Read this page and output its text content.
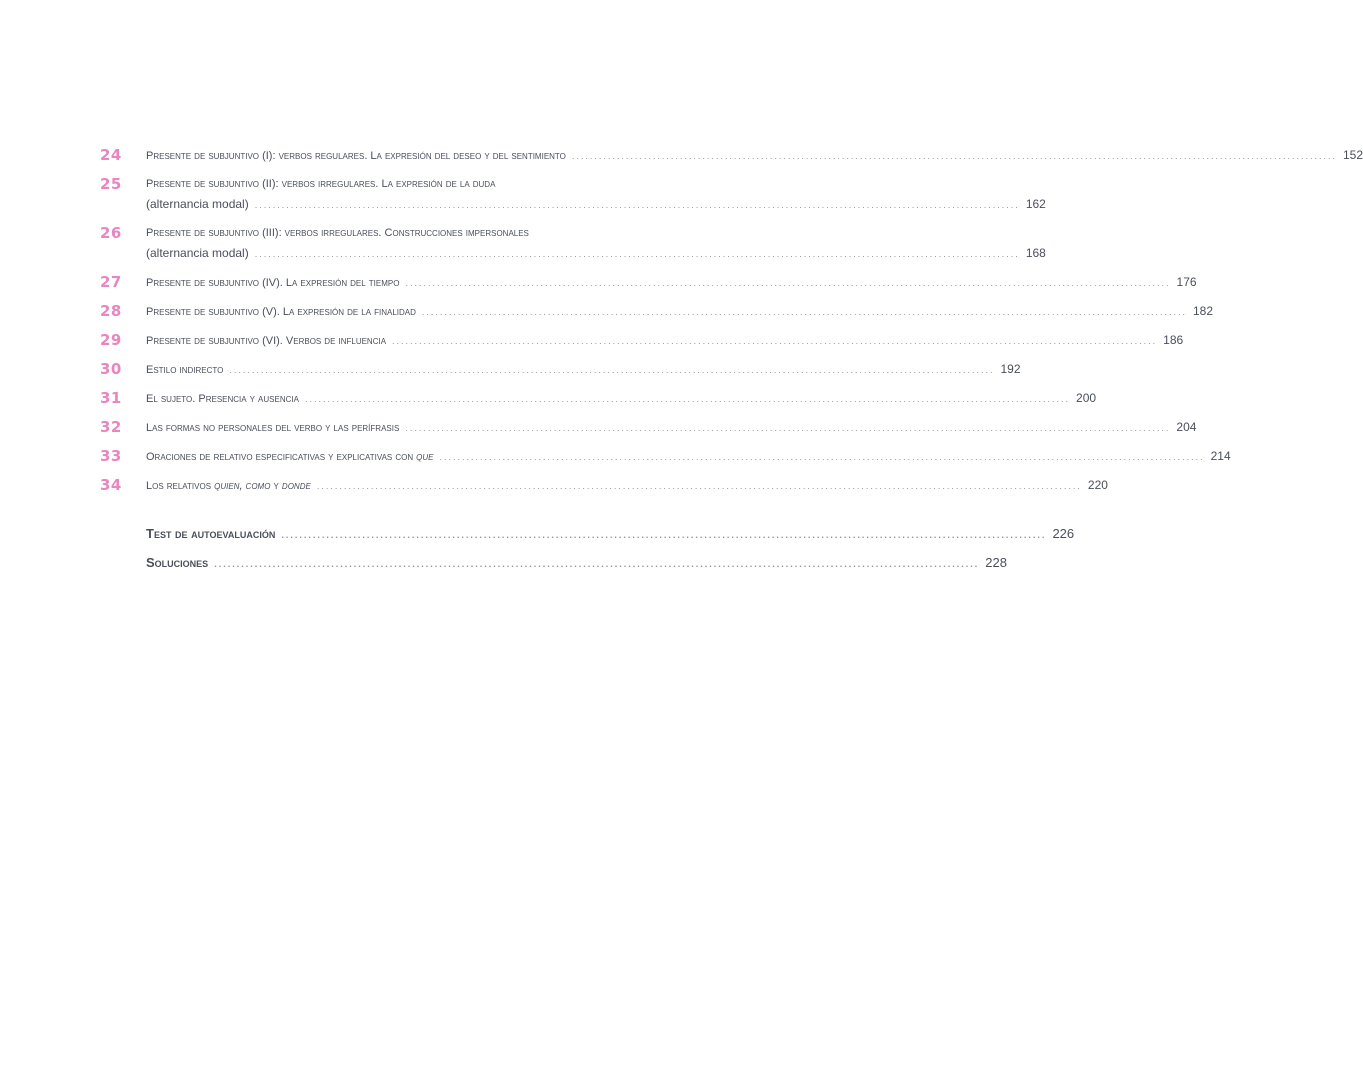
24	Presente de subjuntivo (I): verbos regulares. La expresión del deseo y del sentimiento .....	152
25	Presente de subjuntivo (II): verbos irregulares. La expresión de la duda
(alternancia modal) .....	162
26	Presente de subjuntivo (III): verbos irregulares. Construcciones impersonales
(alternancia modal) .....	168
27	Presente de subjuntivo (IV). La expresión del tiempo .....	176
28	Presente de subjuntivo (V). La expresión de la finalidad .....	182
29	Presente de subjuntivo (VI). Verbos de influencia .....	186
30	Estilo indirecto .....	192
31	El sujeto. Presencia y ausencia .....	200
32	Las formas no personales del verbo y las perífrasis .....	204
33	Oraciones de relativo especificativas y explicativas con que .....	214
34	Los relativos quien, como y donde .....	220
Test de autoevaluación .....	226
Soluciones .....	228
